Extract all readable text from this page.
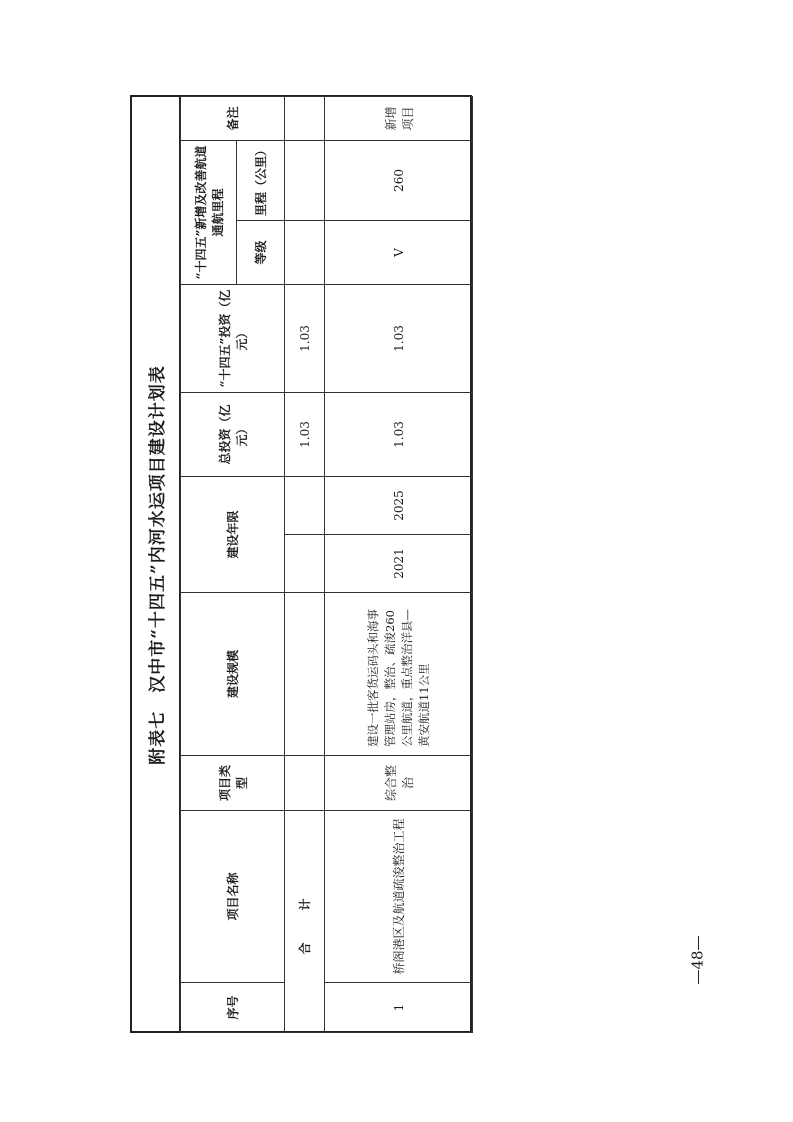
附表七　汉中市“十四五”内河水运项目建设计划表
序号	项目名称	项目类型	建设规模	建设年限		总投资（亿元）	“十四五”投资（亿元）	“十四五”新增及改善航道通航里程		备注
								等级	里程（公里）	
合　计						1.03	1.03			
1	桥阁港区及航道疏浚整治工程	综合整治	建设一批客货运码头和海事管理站房，整治、疏浚260公里航道，重点整治洋县—黄安航道11公里	2021	2025	1.03	1.03	V	260	新增项目
—48—
